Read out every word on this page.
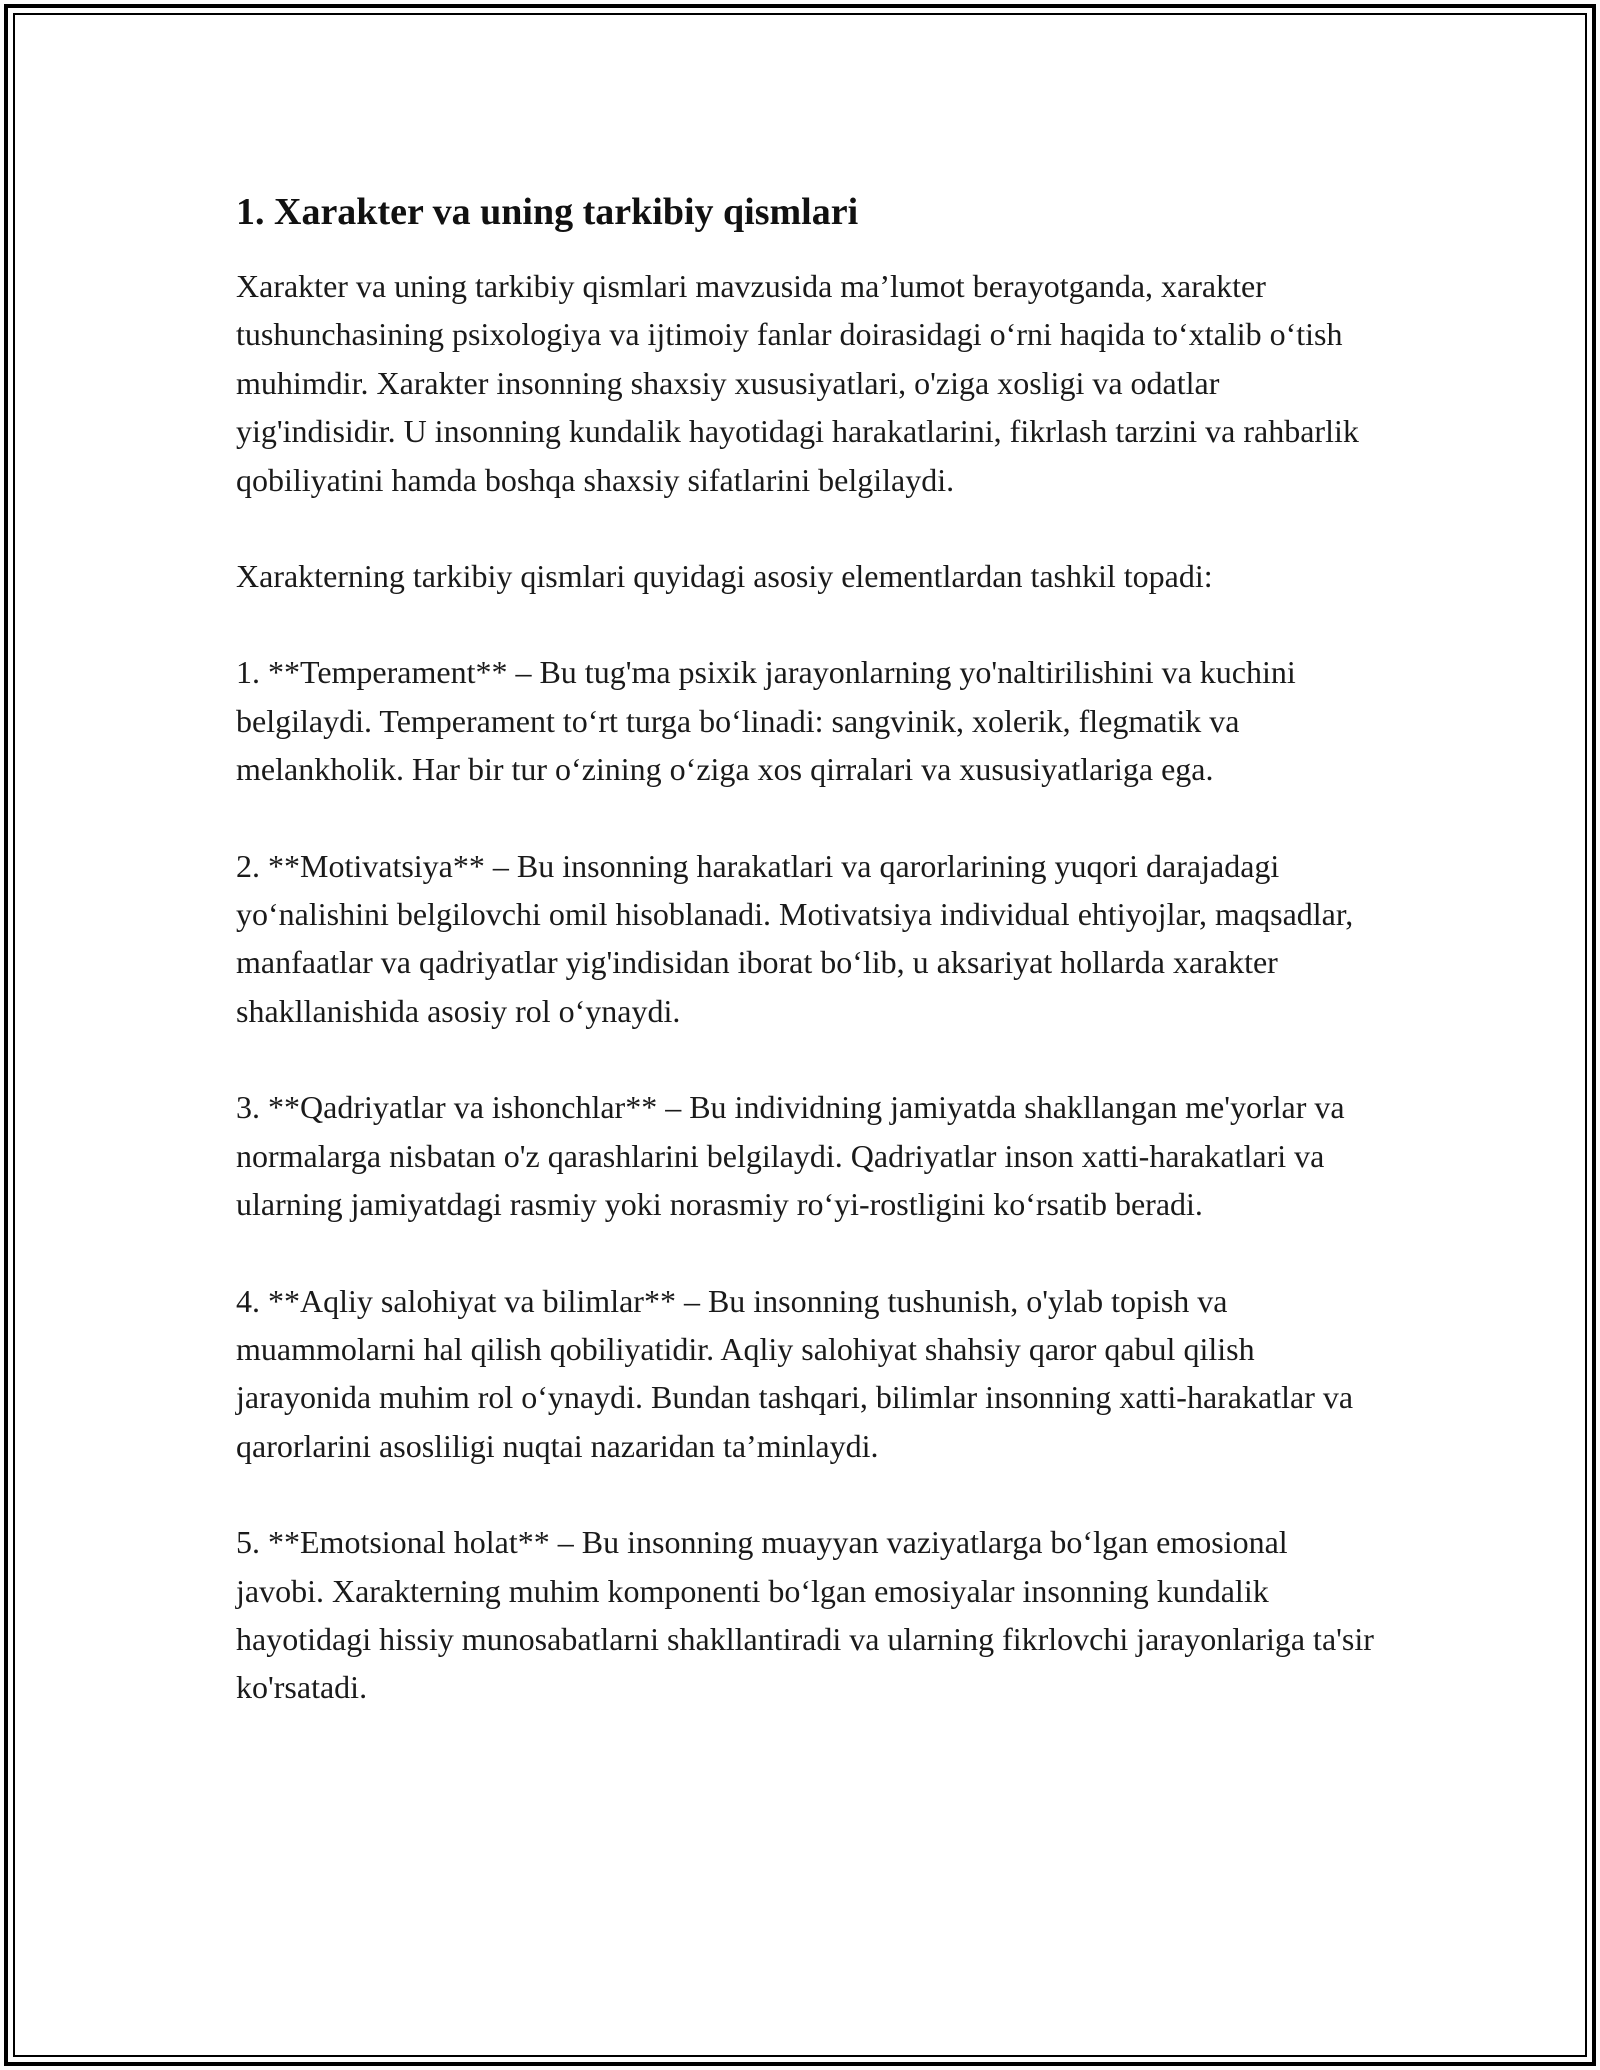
1. Xarakter va uning tarkibiy qismlari

Xarakter va uning tarkibiy qismlari mavzusida ma’lumot berayotganda, xarakter tushunchasining psixologiya va ijtimoiy fanlar doirasidagi o‘rni haqida to‘xtalib o‘tish muhimdir. Xarakter insonning shaxsiy xususiyatlari, o'ziga xosligi va odatlar yig'indisidir. U insonning kundalik hayotidagi harakatlarini, fikrlash tarzini va rahbarlik qobiliyatini hamda boshqa shaxsiy sifatlarini belgilaydi.

Xarakterning tarkibiy qismlari quyidagi asosiy elementlardan tashkil topadi:

1. **Temperament** – Bu tug'ma psixik jarayonlarning yo'naltirilishini va kuchini belgilaydi. Temperament to‘rt turga bo‘linadi: sangvinik, xolerik, flegmatik va melankholik. Har bir tur o‘zining o‘ziga xos qirralari va xususiyatlariga ega.

2. **Motivatsiya** – Bu insonning harakatlari va qarorlarining yuqori darajadagi yo‘nalishini belgilovchi omil hisoblanadi. Motivatsiya individual ehtiyojlar, maqsadlar, manfaatlar va qadriyatlar yig'indisidan iborat bo‘lib, u aksariyat hollarda xarakter shakllanishida asosiy rol o‘ynaydi.

3. **Qadriyatlar va ishonchlar** – Bu individning jamiyatda shakllangan me'yorlar va normalarga nisbatan o'z qarashlarini belgilaydi. Qadriyatlar inson xatti-harakatlari va ularning jamiyatdagi rasmiy yoki norasmiy ro‘yi-rostligini ko‘rsatib beradi.

4. **Aqliy salohiyat va bilimlar** – Bu insonning tushunish, o'ylab topish va muammolarni hal qilish qobiliyatidir. Aqliy salohiyat shahsiy qaror qabul qilish jarayonida muhim rol o‘ynaydi. Bundan tashqari, bilimlar insonning xatti-harakatlar va qarorlarini asosliligi nuqtai nazaridan ta’minlaydi.

5. **Emotsional holat** – Bu insonning muayyan vaziyatlarga bo‘lgan emosional javobi. Xarakterning muhim komponenti bo‘lgan emosiyalar insonning kundalik hayotidagi hissiy munosabatlarni shakllantiradi va ularning fikrlovchi jarayonlariga ta'sir ko'rsatadi.
